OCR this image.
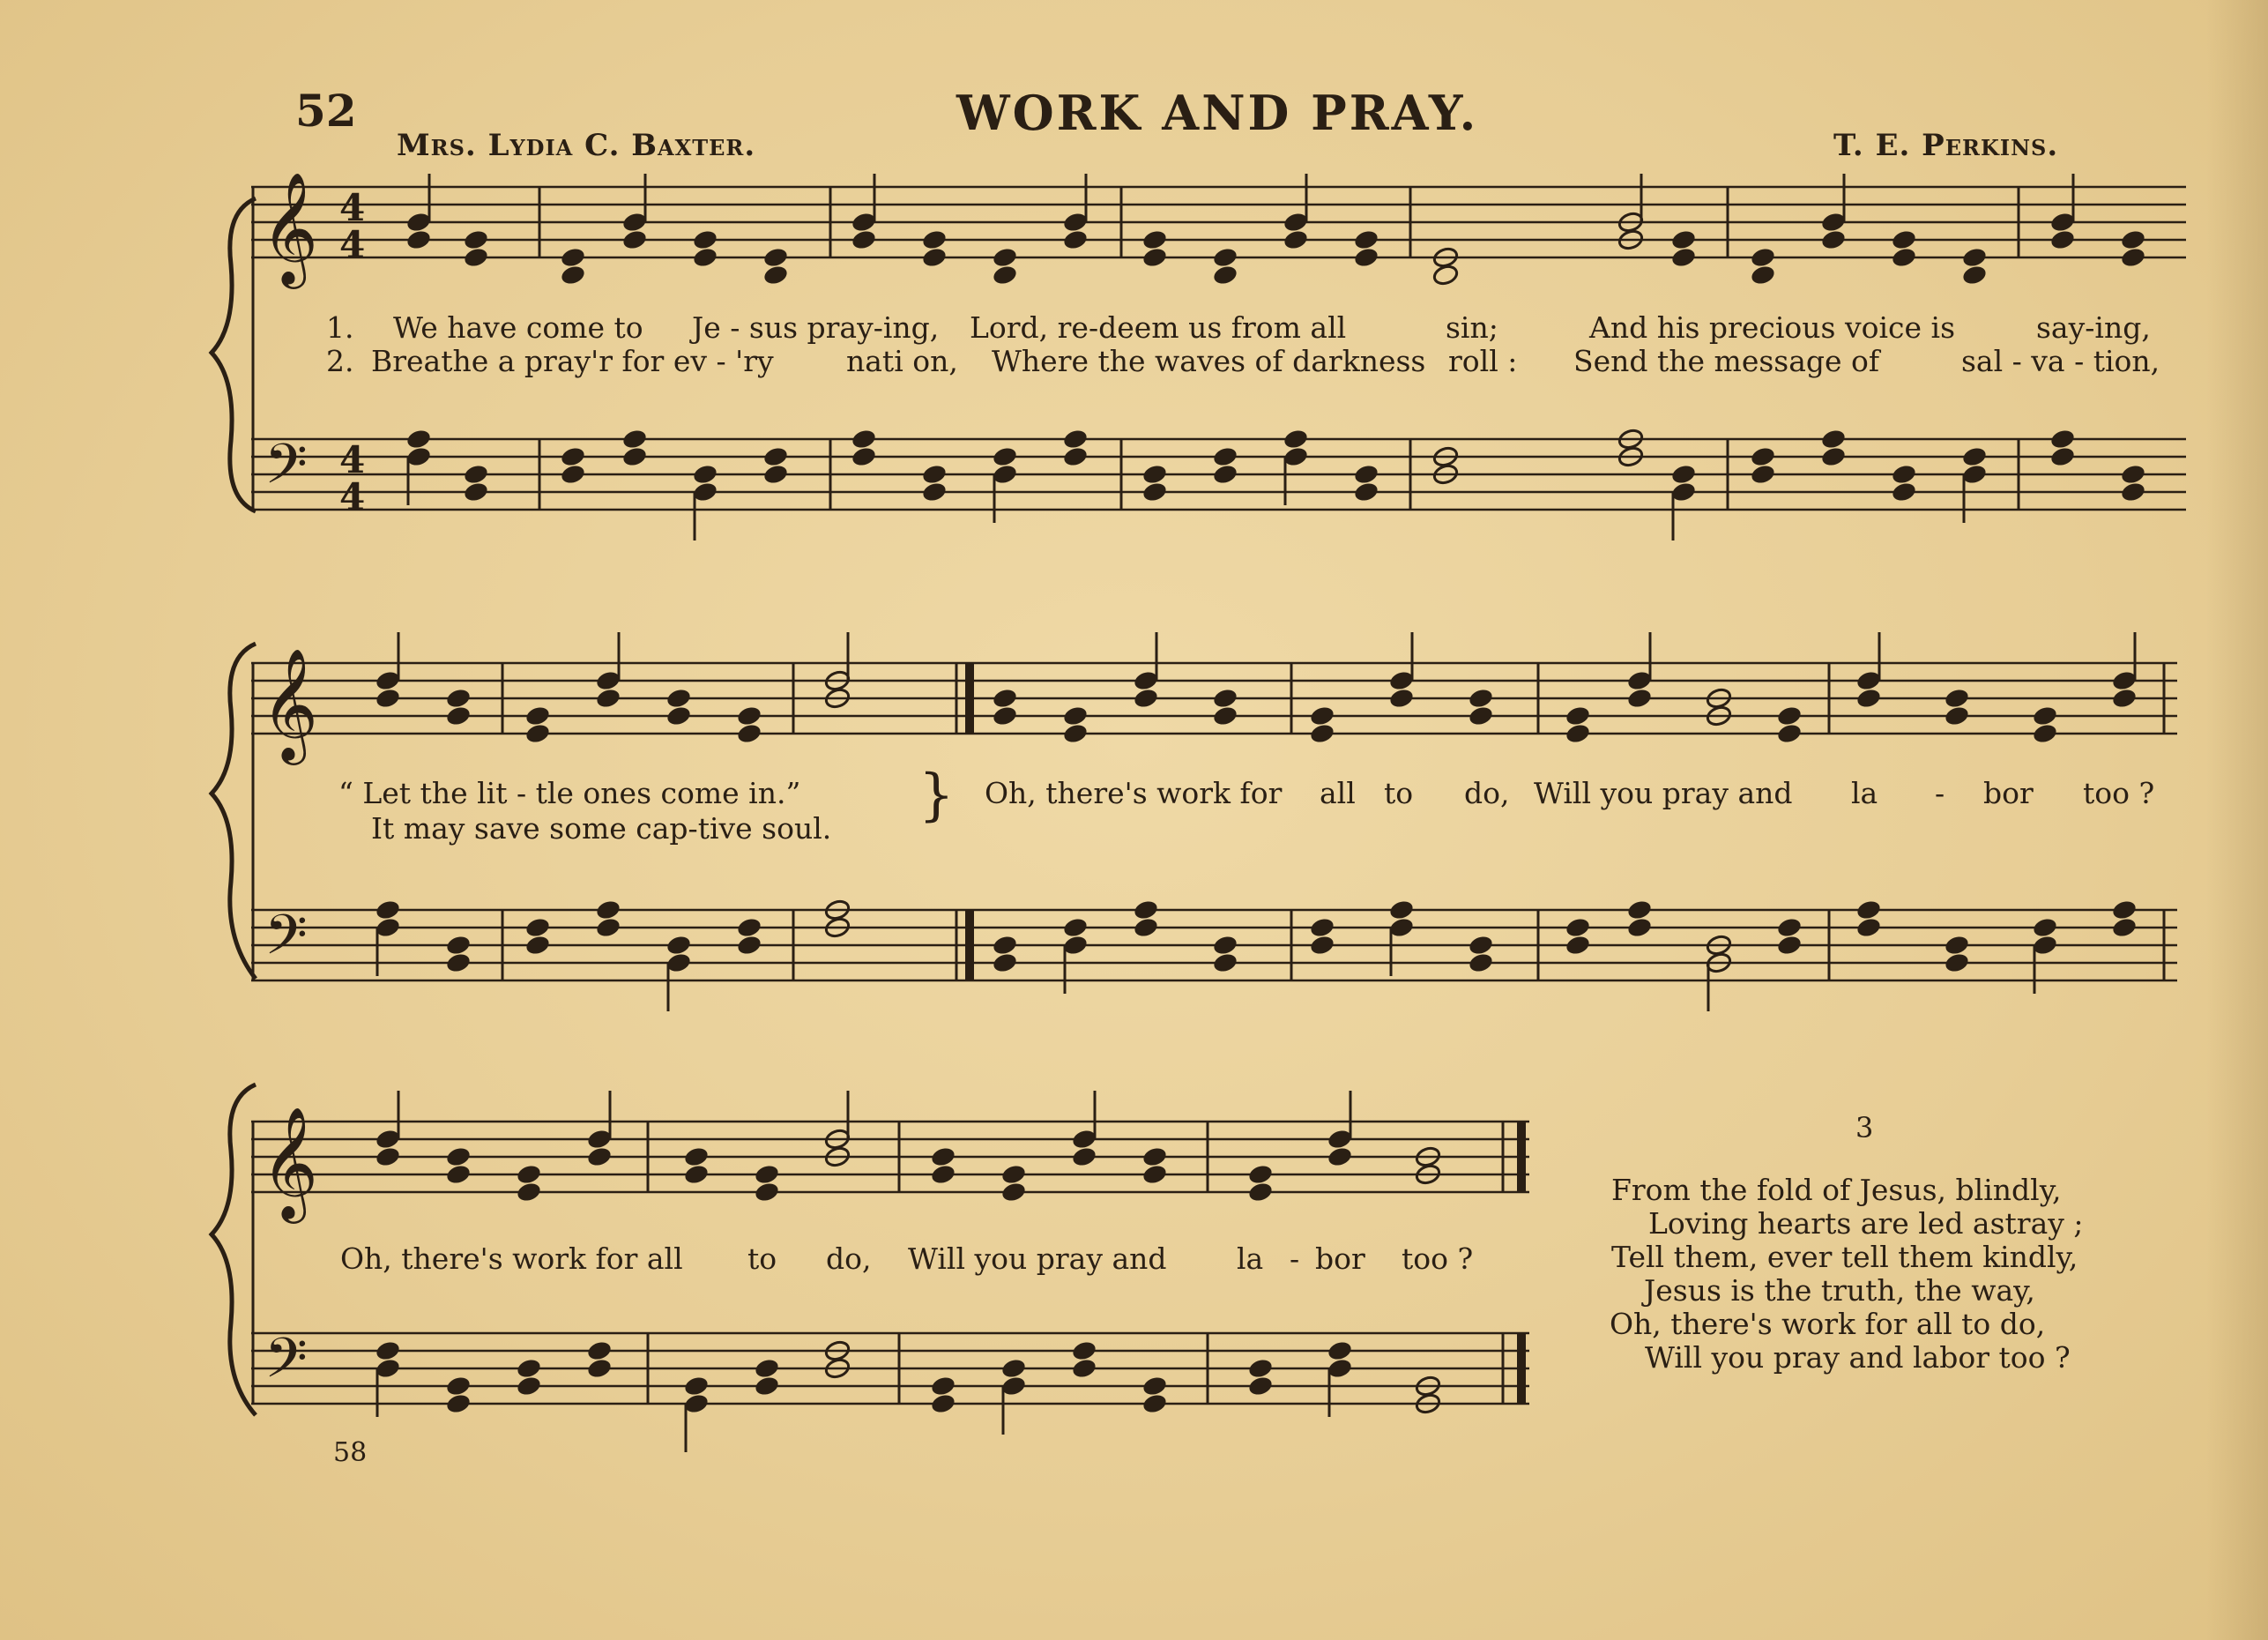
52	WORK AND PRAY.
Mrs. Lydia C. Baxter.	T. E. Perkins.
𝄞
𝄢
4
4
4
4
𝄞
𝄢
𝄞
𝄢
1. We have come to Je - sus pray-ing, Lord, re-deem us from all	sin;	And his precious voice is	say-ing,
2. Breathe a pray'r for ev - 'ry nati on, Where the waves of darkness roll : Send the message of	sal - va - tion,
“ Let the lit - tle ones come in.”
It may save some cap-tive soul.
} Oh, there's work for all to do, Will you pray and la - bor too ?
Oh, there's work for all to do, Will you pray and la - bor too ?
3
From the fold of Jesus, blindly,
Loving hearts are led astray ;
Tell them, ever tell them kindly,
Jesus is the truth, the way,
Oh, there's work for all to do,
Will you pray and labor too ?
58
